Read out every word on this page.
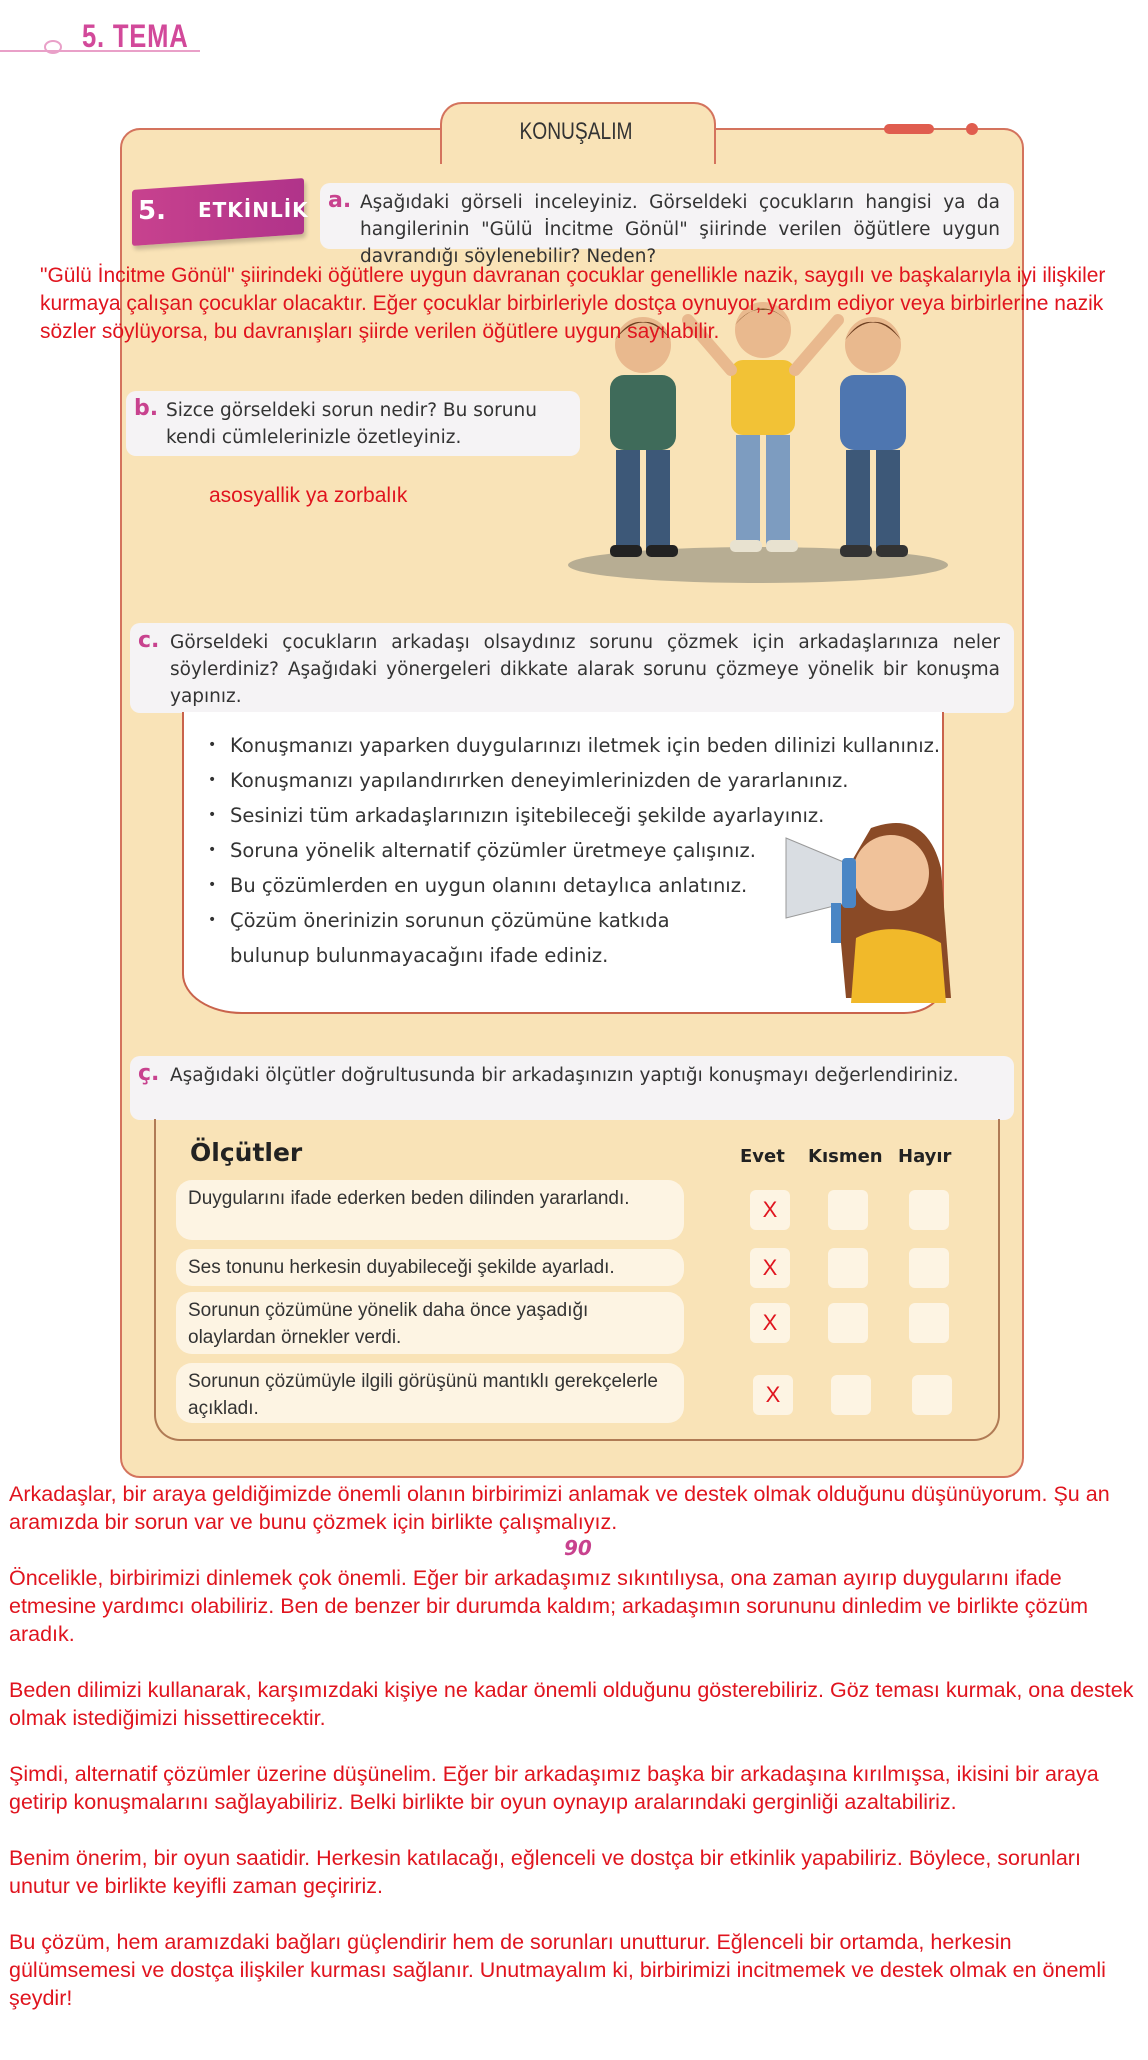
5. TEMA
KONUŞALIM
5. ETKİNLİK a. Aşağıdaki görseli inceleyiniz. Görseldeki çocukların hangisi ya da hangilerinin "Gülü İncitme Gönül" şiirinde verilen öğütlere uygun davrandığı söylenebilir? Neden?
"Gülü İncitme Gönül" şiirindeki öğütlere uygun davranan çocuklar genellikle nazik, saygılı ve başkalarıyla iyi ilişkiler kurmaya çalışan çocuklar olacaktır. Eğer çocuklar birbirleriyle dostça oynuyor, yardım ediyor veya birbirlerine nazik sözler söylüyorsa, bu davranışları şiirde verilen öğütlere uygun sayılabilir.
b. Sizce görseldeki sorun nedir? Bu sorunu kendi cümlelerinizle özetleyiniz.
asosyallik ya zorbalık
c. Görseldeki çocukların arkadaşı olsaydınız sorunu çözmek için arkadaşlarınıza neler söylerdiniz? Aşağıdaki yönergeleri dikkate alarak sorunu çözmeye yönelik bir konuşma yapınız.
• Konuşmanızı yaparken duygularınızı iletmek için beden dilinizi kullanınız.
• Konuşmanızı yapılandırırken deneyimlerinizden de yararlanınız.
• Sesinizi tüm arkadaşlarınızın işitebileceği şekilde ayarlayınız.
• Soruna yönelik alternatif çözümler üretmeye çalışınız.
• Bu çözümlerden en uygun olanını detaylıca anlatınız.
• Çözüm önerinizin sorunun çözümüne katkıda bulunup bulunmayacağını ifade ediniz.
ç. Aşağıdaki ölçütler doğrultusunda bir arkadaşınızın yaptığı konuşmayı değerlendiriniz.
Ölçütler	Evet Kısmen Hayır
Duygularını ifade ederken beden dilinden yararlandı.	X
Ses tonunu herkesin duyabileceği şekilde ayarladı.	X
Sorunun çözümüne yönelik daha önce yaşadığı olaylardan örnekler verdi.
X
Sorunun çözümüyle ilgili görüşünü mantıklı gerekçelerle açıkladı.
X

Arkadaşlar, bir araya geldiğimizde önemli olanın birbirimizi anlamak ve destek olmak olduğunu düşünüyorum. Şu an aramızda bir sorun var ve bunu çözmek için birlikte çalışmalıyız.

Öncelikle, birbirimizi dinlemek çok önemli. Eğer bir arkadaşımız sıkıntılıysa, ona zaman ayırıp duygularını ifade etmesine yardımcı olabiliriz. Ben de benzer bir durumda kaldım; arkadaşımın sorununu dinledim ve birlikte çözüm aradık.

Beden dilimizi kullanarak, karşımızdaki kişiye ne kadar önemli olduğunu gösterebiliriz. Göz teması kurmak, ona destek olmak istediğimizi hissettirecektir.

Şimdi, alternatif çözümler üzerine düşünelim. Eğer bir arkadaşımız başka bir arkadaşına kırılmışsa, ikisini bir araya getirip konuşmalarını sağlayabiliriz. Belki birlikte bir oyun oynayıp aralarındaki gerginliği azaltabiliriz.

Benim önerim, bir oyun saatidir. Herkesin katılacağı, eğlenceli ve dostça bir etkinlik yapabiliriz. Böylece, sorunları unutur ve birlikte keyifli zaman geçiririz.

Bu çözüm, hem aramızdaki bağları güçlendirir hem de sorunları unutturur. Eğlenceli bir ortamda, herkesin gülümsemesi ve dostça ilişkiler kurması sağlanır. Unutmayalım ki, birbirimizi incitmemek ve destek olmak en önemli şeydir!

90
